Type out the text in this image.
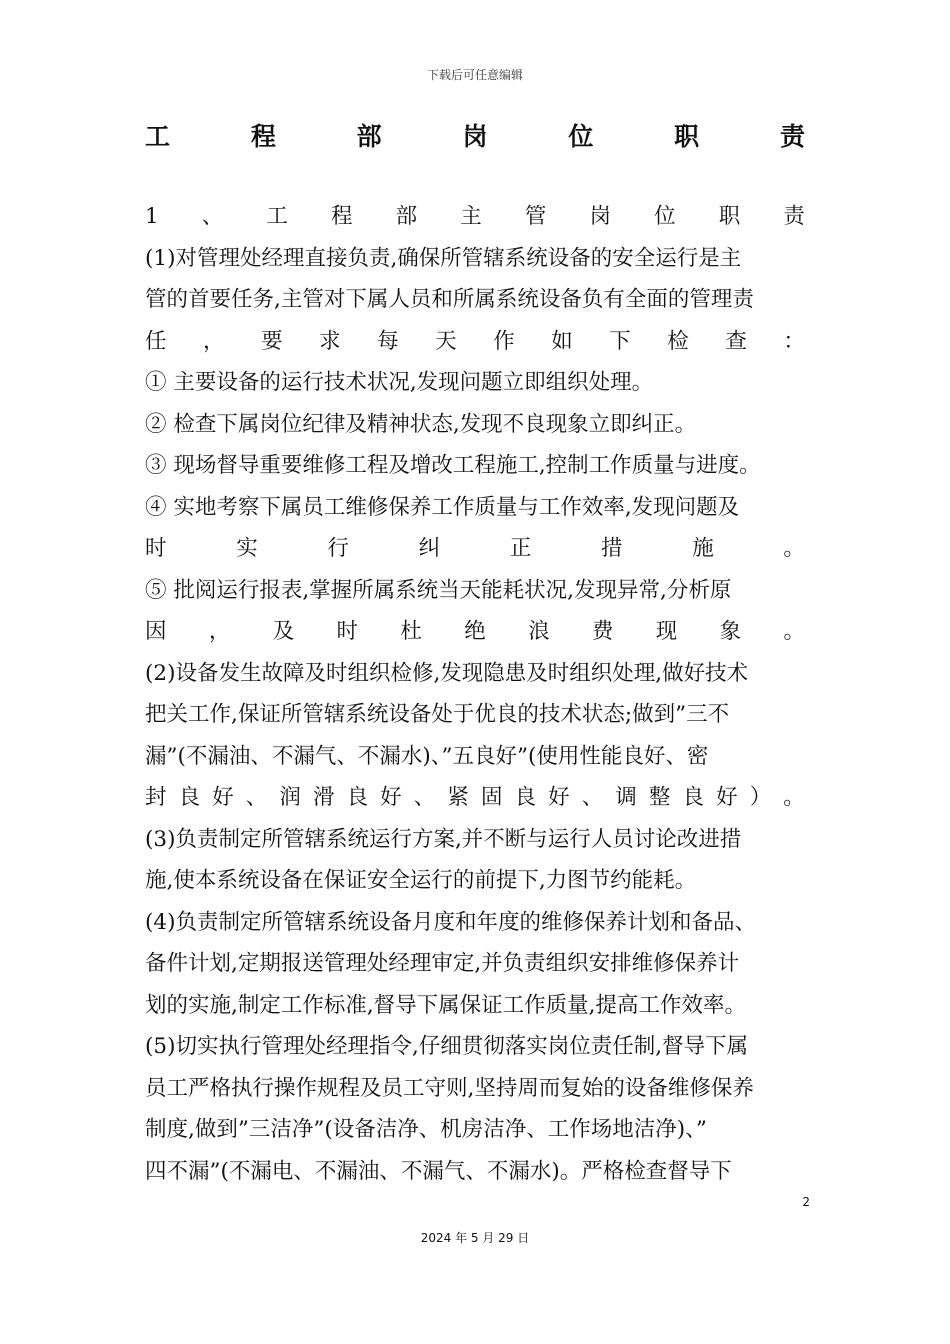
下载后可任意编辑
工	程	部	岗	位	职	责
1 、 工 程 部 主 管 岗 位 职 责
(1)对管理处经理直接负责,确保所管辖系统设备的安全运行是主
管的首要任务,主管对下属人员和所属系统设备负有全面的管理责
任 ， 要 求 每 天 作 如 下 检 查 ：
① 主要设备的运行技术状况,发现问题立即组织处理。
② 检查下属岗位纪律及精神状态,发现不良现象立即纠正。
③ 现场督导重要维修工程及增改工程施工,控制工作质量与进度。
④ 实地考察下属员工维修保养工作质量与工作效率,发现问题及
时	实	行	纠	正	措	施	。
⑤ 批阅运行报表,掌握所属系统当天能耗状况,发现异常,分析原
因 ， 及 时 杜 绝 浪 费 现 象 。
(2)设备发生故障及时组织检修,发现隐患及时组织处理,做好技术
把关工作,保证所管辖系统设备处于优良的技术状态;做到”三不
漏”(不漏油、不漏气、不漏水)、”五良好”(使用性能良好、密
封 良 好 、 润 滑 良 好 、 紧 固 良 好 、 调 整 良 好 ） 。
(3)负责制定所管辖系统运行方案,并不断与运行人员讨论改进措
施,使本系统设备在保证安全运行的前提下,力图节约能耗。
(4)负责制定所管辖系统设备月度和年度的维修保养计划和备品、
备件计划,定期报送管理处经理审定,并负责组织安排维修保养计
划的实施,制定工作标准,督导下属保证工作质量,提高工作效率。
(5)切实执行管理处经理指令,仔细贯彻落实岗位责任制,督导下属
员工严格执行操作规程及员工守则,坚持周而复始的设备维修保养
制度,做到”三洁净”(设备洁净、机房洁净、工作场地洁净)、”
四不漏”(不漏电、不漏油、不漏气、不漏水)。严格检查督导下
2
2024 年 5 月 29 日
